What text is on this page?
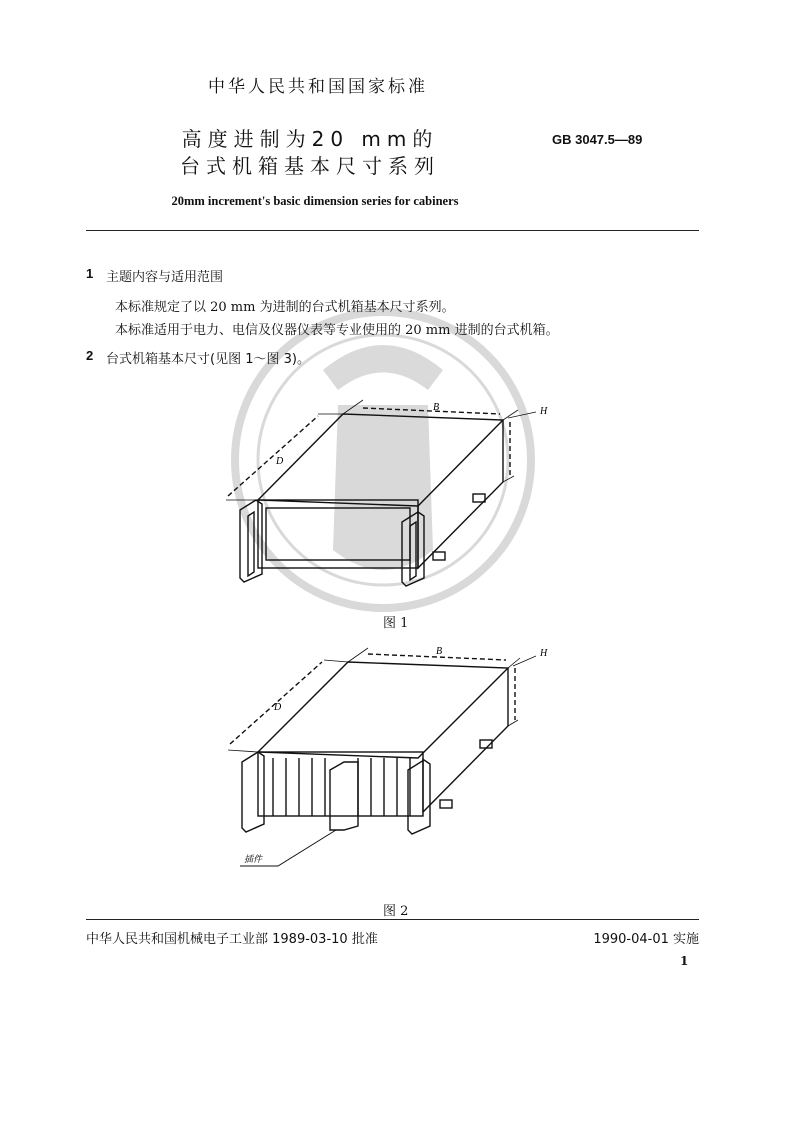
中华人民共和国国家标准
高度进制为20 mm的
台式机箱基本尺寸系列
GB 3047.5—89
20mm increment's basic dimension series for cabiners
1 主题内容与适用范围
本标准规定了以 20 mm 为进制的台式机箱基本尺寸系列。
本标准适用于电力、电信及仪器仪表等专业使用的 20 mm 进制的台式机箱。
2 台式机箱基本尺寸(见图 1～图 3)。
B
D
H
图 1
B
D
H
插件
图 2
中华人民共和国机械电子工业部 1989-03-10 批准	1990-04-01 实施
1
